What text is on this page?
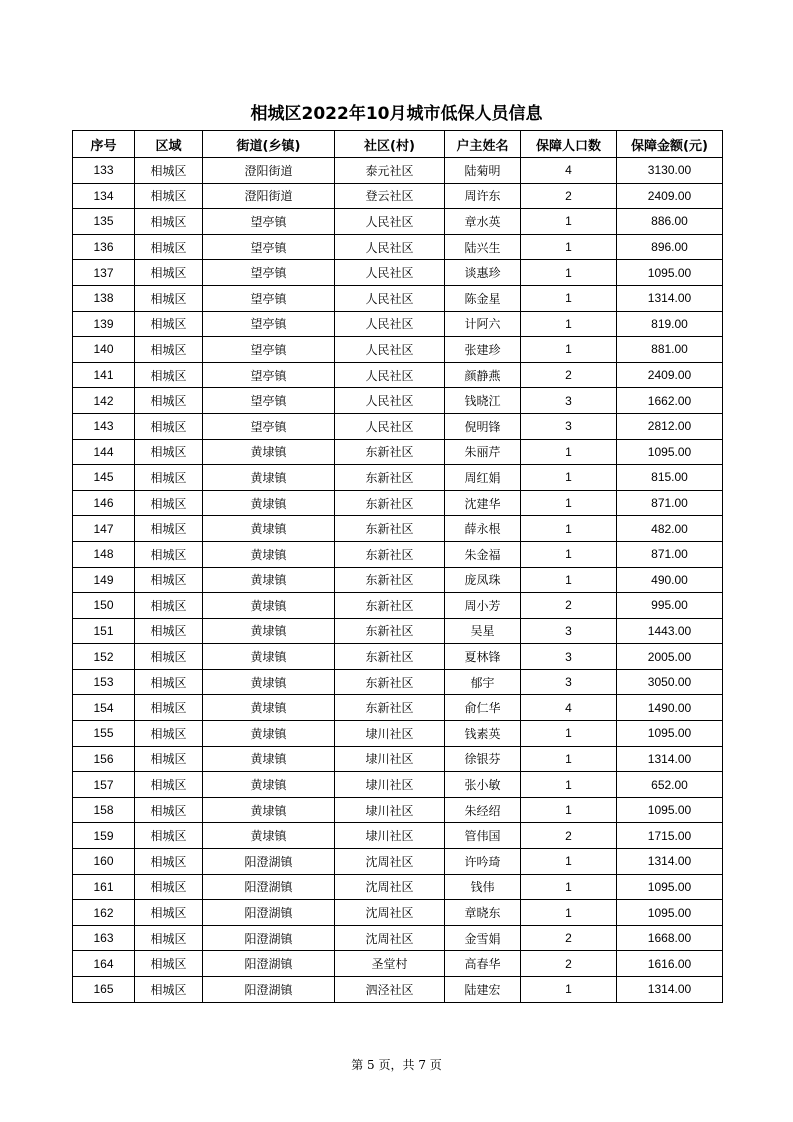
相城区2022年10月城市低保人员信息
序号	区域	街道(乡镇)	社区(村)	户主姓名	保障人口数	保障金额(元)
133	相城区	澄阳街道	泰元社区	陆菊明	4	3130.00
134	相城区	澄阳街道	登云社区	周许东	2	2409.00
135	相城区	望亭镇	人民社区	章水英	1	886.00
136	相城区	望亭镇	人民社区	陆兴生	1	896.00
137	相城区	望亭镇	人民社区	谈惠珍	1	1095.00
138	相城区	望亭镇	人民社区	陈金星	1	1314.00
139	相城区	望亭镇	人民社区	计阿六	1	819.00
140	相城区	望亭镇	人民社区	张建珍	1	881.00
141	相城区	望亭镇	人民社区	颜静燕	2	2409.00
142	相城区	望亭镇	人民社区	钱晓江	3	1662.00
143	相城区	望亭镇	人民社区	倪明锋	3	2812.00
144	相城区	黄埭镇	东新社区	朱丽芹	1	1095.00
145	相城区	黄埭镇	东新社区	周红娟	1	815.00
146	相城区	黄埭镇	东新社区	沈建华	1	871.00
147	相城区	黄埭镇	东新社区	薛永根	1	482.00
148	相城区	黄埭镇	东新社区	朱金福	1	871.00
149	相城区	黄埭镇	东新社区	庞凤珠	1	490.00
150	相城区	黄埭镇	东新社区	周小芳	2	995.00
151	相城区	黄埭镇	东新社区	吴星	3	1443.00
152	相城区	黄埭镇	东新社区	夏林锋	3	2005.00
153	相城区	黄埭镇	东新社区	郁宇	3	3050.00
154	相城区	黄埭镇	东新社区	俞仁华	4	1490.00
155	相城区	黄埭镇	埭川社区	钱素英	1	1095.00
156	相城区	黄埭镇	埭川社区	徐银芬	1	1314.00
157	相城区	黄埭镇	埭川社区	张小敏	1	652.00
158	相城区	黄埭镇	埭川社区	朱经绍	1	1095.00
159	相城区	黄埭镇	埭川社区	管伟国	2	1715.00
160	相城区	阳澄湖镇	沈周社区	许吟琦	1	1314.00
161	相城区	阳澄湖镇	沈周社区	钱伟	1	1095.00
162	相城区	阳澄湖镇	沈周社区	章晓东	1	1095.00
163	相城区	阳澄湖镇	沈周社区	金雪娟	2	1668.00
164	相城区	阳澄湖镇	圣堂村	高春华	2	1616.00
165	相城区	阳澄湖镇	泗泾社区	陆建宏	1	1314.00
第 5 页，共 7 页
